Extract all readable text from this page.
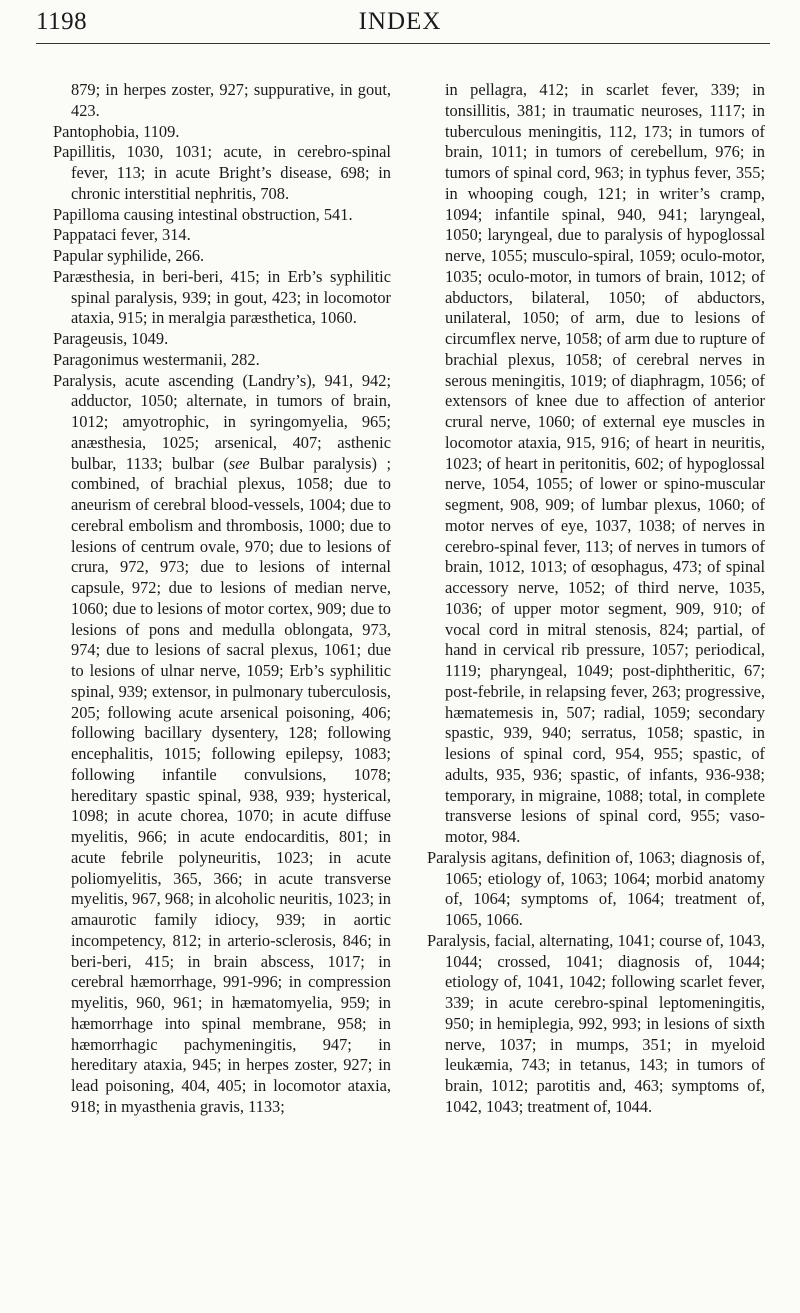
1198	INDEX

879; in herpes zoster, 927; suppurative, in gout, 423.

Pantophobia, 1109.

Papillitis, 1030, 1031; acute, in cerebro-spinal fever, 113; in acute Bright’s disease, 698; in chronic interstitial nephritis, 708.

Papilloma causing intestinal obstruction, 541.

Pappataci fever, 314.

Papular syphilide, 266.

Paræsthesia, in beri-beri, 415; in Erb’s syphilitic spinal paralysis, 939; in gout, 423; in locomotor ataxia, 915; in meralgia paræsthetica, 1060.

Parageusis, 1049.

Paragonimus westermanii, 282.

Paralysis, acute ascending (Landry’s), 941, 942; adductor, 1050; alternate, in tumors of brain, 1012; amyotrophic, in syringomyelia, 965; anæsthesia, 1025; arsenical, 407; asthenic bulbar, 1133; bulbar (see Bulbar paralysis) ; combined, of brachial plexus, 1058; due to aneurism of cerebral blood-vessels, 1004; due to cerebral embolism and thrombosis, 1000; due to lesions of centrum ovale, 970; due to lesions of crura, 972, 973; due to lesions of internal capsule, 972; due to lesions of median nerve, 1060; due to lesions of motor cortex, 909; due to lesions of pons and medulla oblongata, 973, 974; due to lesions of sacral plexus, 1061; due to lesions of ulnar nerve, 1059; Erb’s syphilitic spinal, 939; extensor, in pulmonary tuberculosis, 205; following acute arsenical poisoning, 406; following bacillary dysentery, 128; following encephalitis, 1015; following epilepsy, 1083; following infantile convulsions, 1078; hereditary spastic spinal, 938, 939; hysterical, 1098; in acute chorea, 1070; in acute diffuse myelitis, 966; in acute endocarditis, 801; in acute febrile polyneuritis, 1023; in acute poliomyelitis, 365, 366; in acute transverse myelitis, 967, 968; in alcoholic neuritis, 1023; in amaurotic family idiocy, 939; in aortic incompetency, 812; in arterio-sclerosis, 846; in beri-beri, 415; in brain abscess, 1017; in cerebral hæmorrhage, 991-996; in compression myelitis, 960, 961; in hæmatomyelia, 959; in hæmorrhage into spinal membrane, 958; in hæmorrhagic pachymeningitis, 947; in hereditary ataxia, 945; in herpes zoster, 927; in lead poisoning, 404, 405; in locomotor ataxia, 918; in myasthenia gravis, 1133;

in pellagra, 412; in scarlet fever, 339; in tonsillitis, 381; in traumatic neuroses, 1117; in tuberculous meningitis, 112, 173; in tumors of brain, 1011; in tumors of cerebellum, 976; in tumors of spinal cord, 963; in typhus fever, 355; in whooping cough, 121; in writer’s cramp, 1094; infantile spinal, 940, 941; laryngeal, 1050; laryngeal, due to paralysis of hypoglossal nerve, 1055; musculo-spiral, 1059; oculo-motor, 1035; oculo-motor, in tumors of brain, 1012; of abductors, bilateral, 1050; of abductors, unilateral, 1050; of arm, due to lesions of circumflex nerve, 1058; of arm due to rupture of brachial plexus, 1058; of cerebral nerves in serous meningitis, 1019; of diaphragm, 1056; of extensors of knee due to affection of anterior crural nerve, 1060; of external eye muscles in locomotor ataxia, 915, 916; of heart in neuritis, 1023; of heart in peritonitis, 602; of hypoglossal nerve, 1054, 1055; of lower or spino-muscular segment, 908, 909; of lumbar plexus, 1060; of motor nerves of eye, 1037, 1038; of nerves in cerebro-spinal fever, 113; of nerves in tumors of brain, 1012, 1013; of œsophagus, 473; of spinal accessory nerve, 1052; of third nerve, 1035, 1036; of upper motor segment, 909, 910; of vocal cord in mitral stenosis, 824; partial, of hand in cervical rib pressure, 1057; periodical, 1119; pharyngeal, 1049; post-diphtheritic, 67; post-febrile, in relapsing fever, 263; progressive, hæmatemesis in, 507; radial, 1059; secondary spastic, 939, 940; serratus, 1058; spastic, in lesions of spinal cord, 954, 955; spastic, of adults, 935, 936; spastic, of infants, 936-938; temporary, in migraine, 1088; total, in complete transverse lesions of spinal cord, 955; vaso-motor, 984.

Paralysis agitans, definition of, 1063; diagnosis of, 1065; etiology of, 1063; 1064; morbid anatomy of, 1064; symptoms of, 1064; treatment of, 1065, 1066.

Paralysis, facial, alternating, 1041; course of, 1043, 1044; crossed, 1041; diagnosis of, 1044; etiology of, 1041, 1042; following scarlet fever, 339; in acute cerebro-spinal leptomeningitis, 950; in hemiplegia, 992, 993; in lesions of sixth nerve, 1037; in mumps, 351; in myeloid leukæmia, 743; in tetanus, 143; in tumors of brain, 1012; parotitis and, 463; symptoms of, 1042, 1043; treatment of, 1044.
